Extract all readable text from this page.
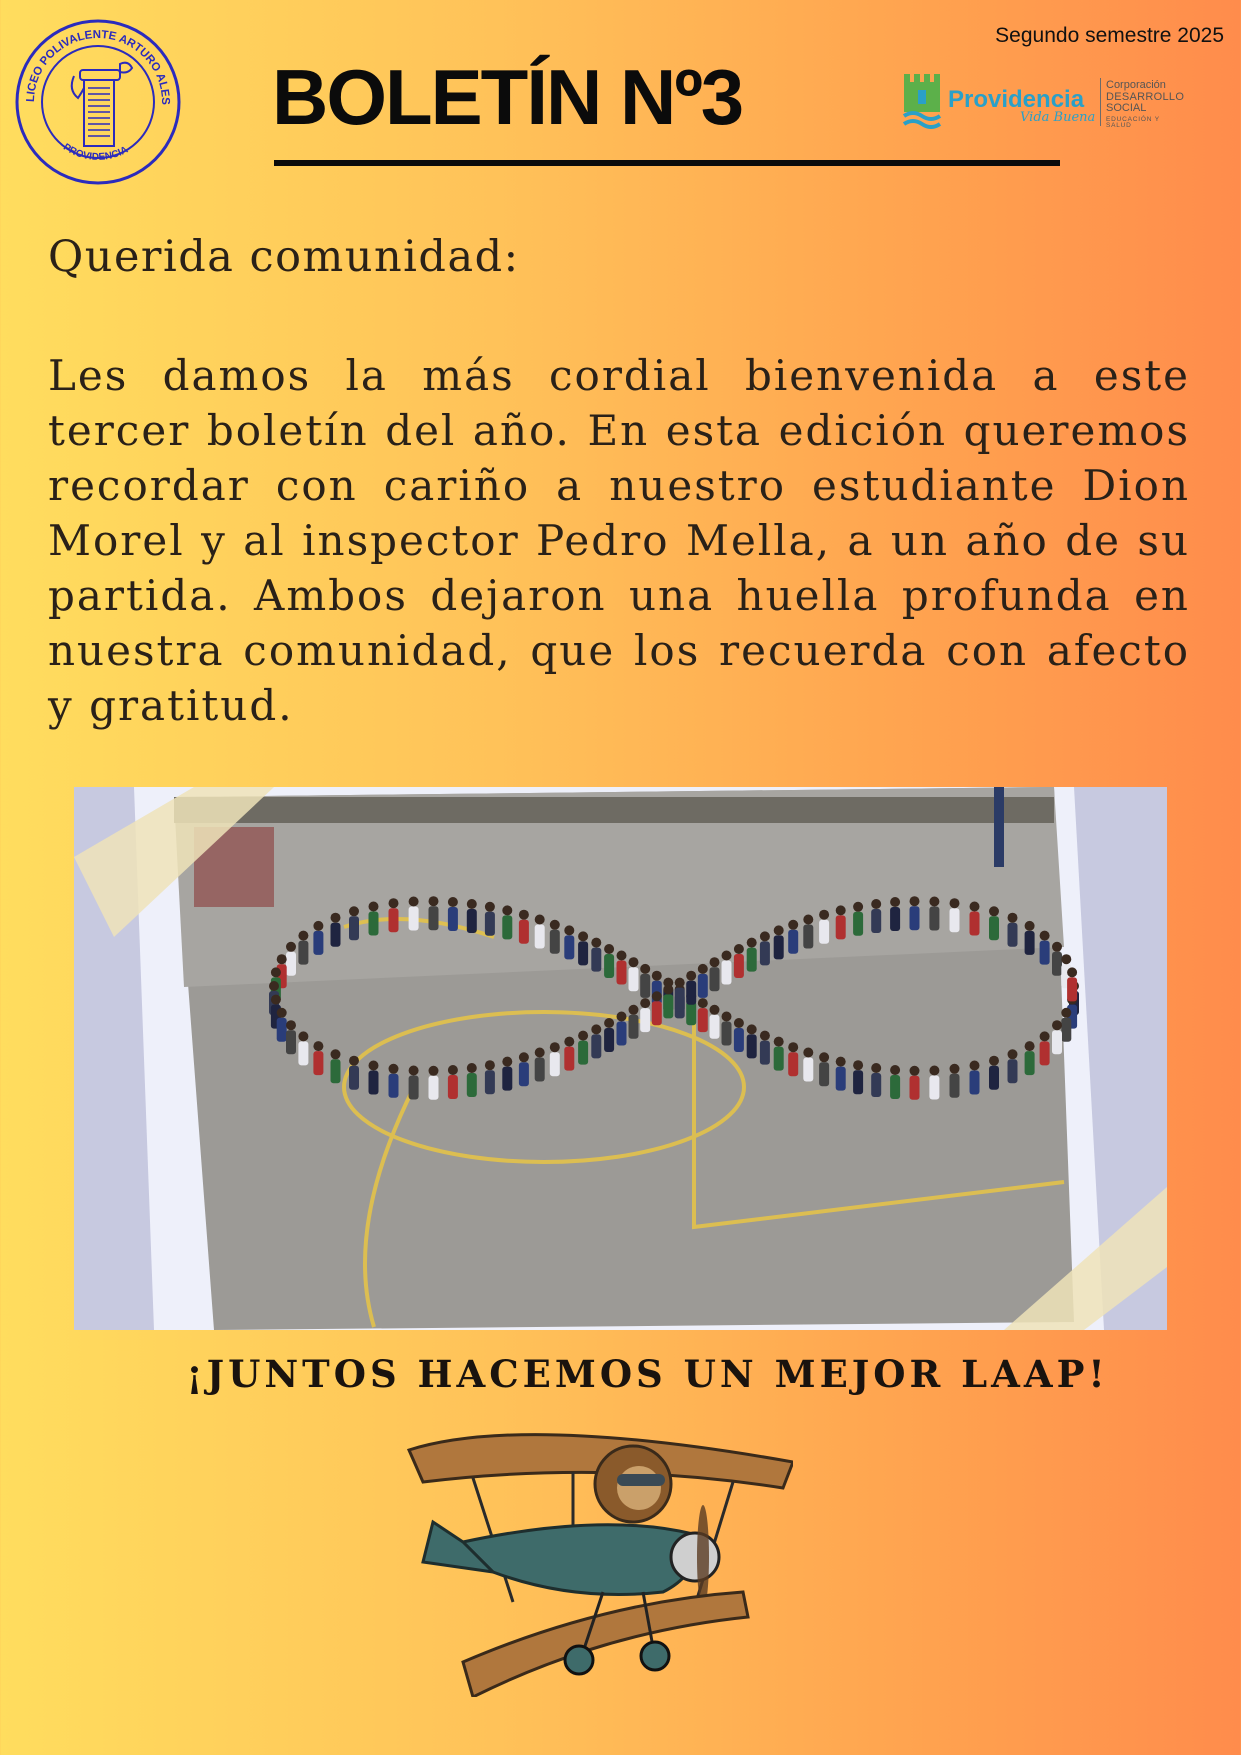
LICEO POLIVALENTE ARTURO ALES
PROVIDENCIA
Segundo semestre 2025
BOLETÍN Nº3	Providencia
Vida Buena
Corporación
DESARROLLO
SOCIAL
EDUCACIÓN Y SALUD
Querida comunidad:

Les damos la más cordial bienvenida a este tercer boletín del año. En esta edición queremos recordar con cariño a nuestro estudiante Dion Morel y al inspector Pedro Mella, a un año de su partida. Ambos dejaron una huella profunda en nuestra comunidad, que los recuerda con afecto y gratitud.

¡JUNTOS HACEMOS UN MEJOR LAAP!
